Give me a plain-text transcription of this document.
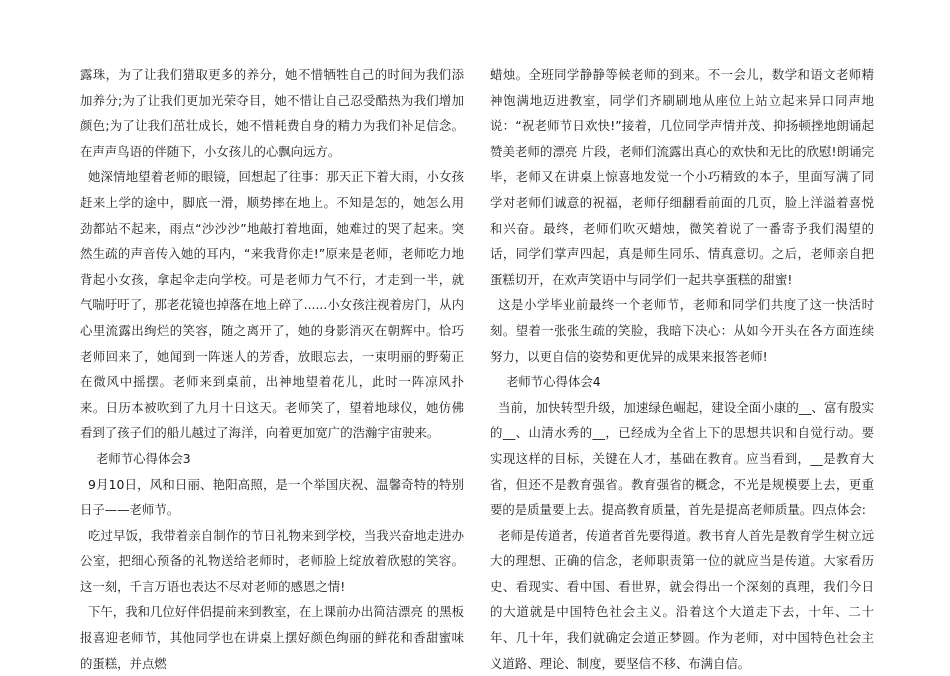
露珠，为了让我们猎取更多的养分，她不惜牺牲自己的时间为我们添加养分;为了让我们更加光荣夺目，她不惜让自己忍受酷热为我们增加颜色;为了让我们茁壮成长，她不惜耗费自身的精力为我们补足信念。在声声鸟语的伴随下，小女孩儿的心飘向远方。

她深情地望着老师的眼镜，回想起了往事：那天正下着大雨，小女孩赶来上学的途中，脚底一滑，顺势摔在地上。不知是怎的，她怎么用劲都站不起来，雨点“沙沙沙”地敲打着地面，她难过的哭了起来。突然生疏的声音传入她的耳内，“来我背你走!”原来是老师，老师吃力地背起小女孩，拿起伞走向学校。可是老师力气不行，才走到一半，就气喘吁吁了，那老花镜也掉落在地上碎了......小女孩注视着房门，从内心里流露出绚烂的笑容，随之离开了，她的身影消灭在朝辉中。恰巧老师回来了，她闻到一阵迷人的芳香，放眼忘去，一束明丽的野菊正在微风中摇摆。老师来到桌前，出神地望着花儿，此时一阵凉风扑来。日历本被吹到了九月十日这天。老师笑了，望着地球仪，她仿佛看到了孩子们的船儿越过了海洋，向着更加宽广的浩瀚宇宙驶来。

老师节心得体会3

9月10日，风和日丽、艳阳高照，是一个举国庆祝、温馨奇特的特别　　日子——老师节。

吃过早饭，我带着亲自制作的节日礼物来到学校，当我兴奋地走进办公室，把细心预备的礼物送给老师时，老师脸上绽放着欣慰的笑容。这一刻，千言万语也表达不尽对老师的感恩之情!

下午，我和几位好伴侣提前来到教室，在上课前办出简洁漂亮 的黑板报喜迎老师节，其他同学也在讲桌上摆好颜色绚丽的鲜花和香甜蜜味的蛋糕，并点燃

蜡烛。全班同学静静等候老师的到来。不一会儿，数学和语文老师精神饱满地迈进教室，同学们齐刷刷地从座位上站立起来异口同声地说：“祝老师节日欢快!”接着，几位同学声情并茂、抑扬顿挫地朗诵起赞美老师的漂亮 片段，老师们流露出真心的欢快和无比的欣慰!朗诵完毕，老师又在讲桌上惊喜地发觉一个小巧精致的本子，里面写满了同学对老师们诚意的祝福，老师仔细翻看前面的几页，脸上洋溢着喜悦和兴奋。最终，老师们吹灭蜡烛，微笑着说了一番寄予我们渴望的话，同学们掌声四起，真是师生同乐、情真意切。之后，老师亲自把蛋糕切开，在欢声笑语中与同学们一起共享蛋糕的甜蜜!

这是小学毕业前最终一个老师节，老师和同学们共度了这一快活时刻。望着一张张生疏的笑脸，我暗下决心：从如今开头在各方面连续努力，以更自信的姿势和更优异的成果来报答老师!

老师节心得体会4

当前，加快转型升级，加速绿色崛起，建设全面小康的__、富有殷实的__、山清水秀的__，已经成为全省上下的思想共识和自觉行动。要实现这样的目标，关键在人才，基础在教育。应当看到，__是教育大省，但还不是教育强省。教育强省的概念，不光是规模要上去，更重要的是质量要上去。提高教育质量，首先是提高老师质量。四点体会:

老师是传道者，传道者首先要得道。教书育人首先是教育学生树立远大的理想、正确的信念，老师职责第一位的就应当是传道。大家看历史、看现实、看中国、看世界，就会得出一个深刻的真理，我们今日的大道就是中国特色社会主义。沿着这个大道走下去，十年、二十年、几十年，我们就确定会道正梦圆。作为老师，对中国特色社会主义道路、理论、制度，要坚信不移、布满自信。
